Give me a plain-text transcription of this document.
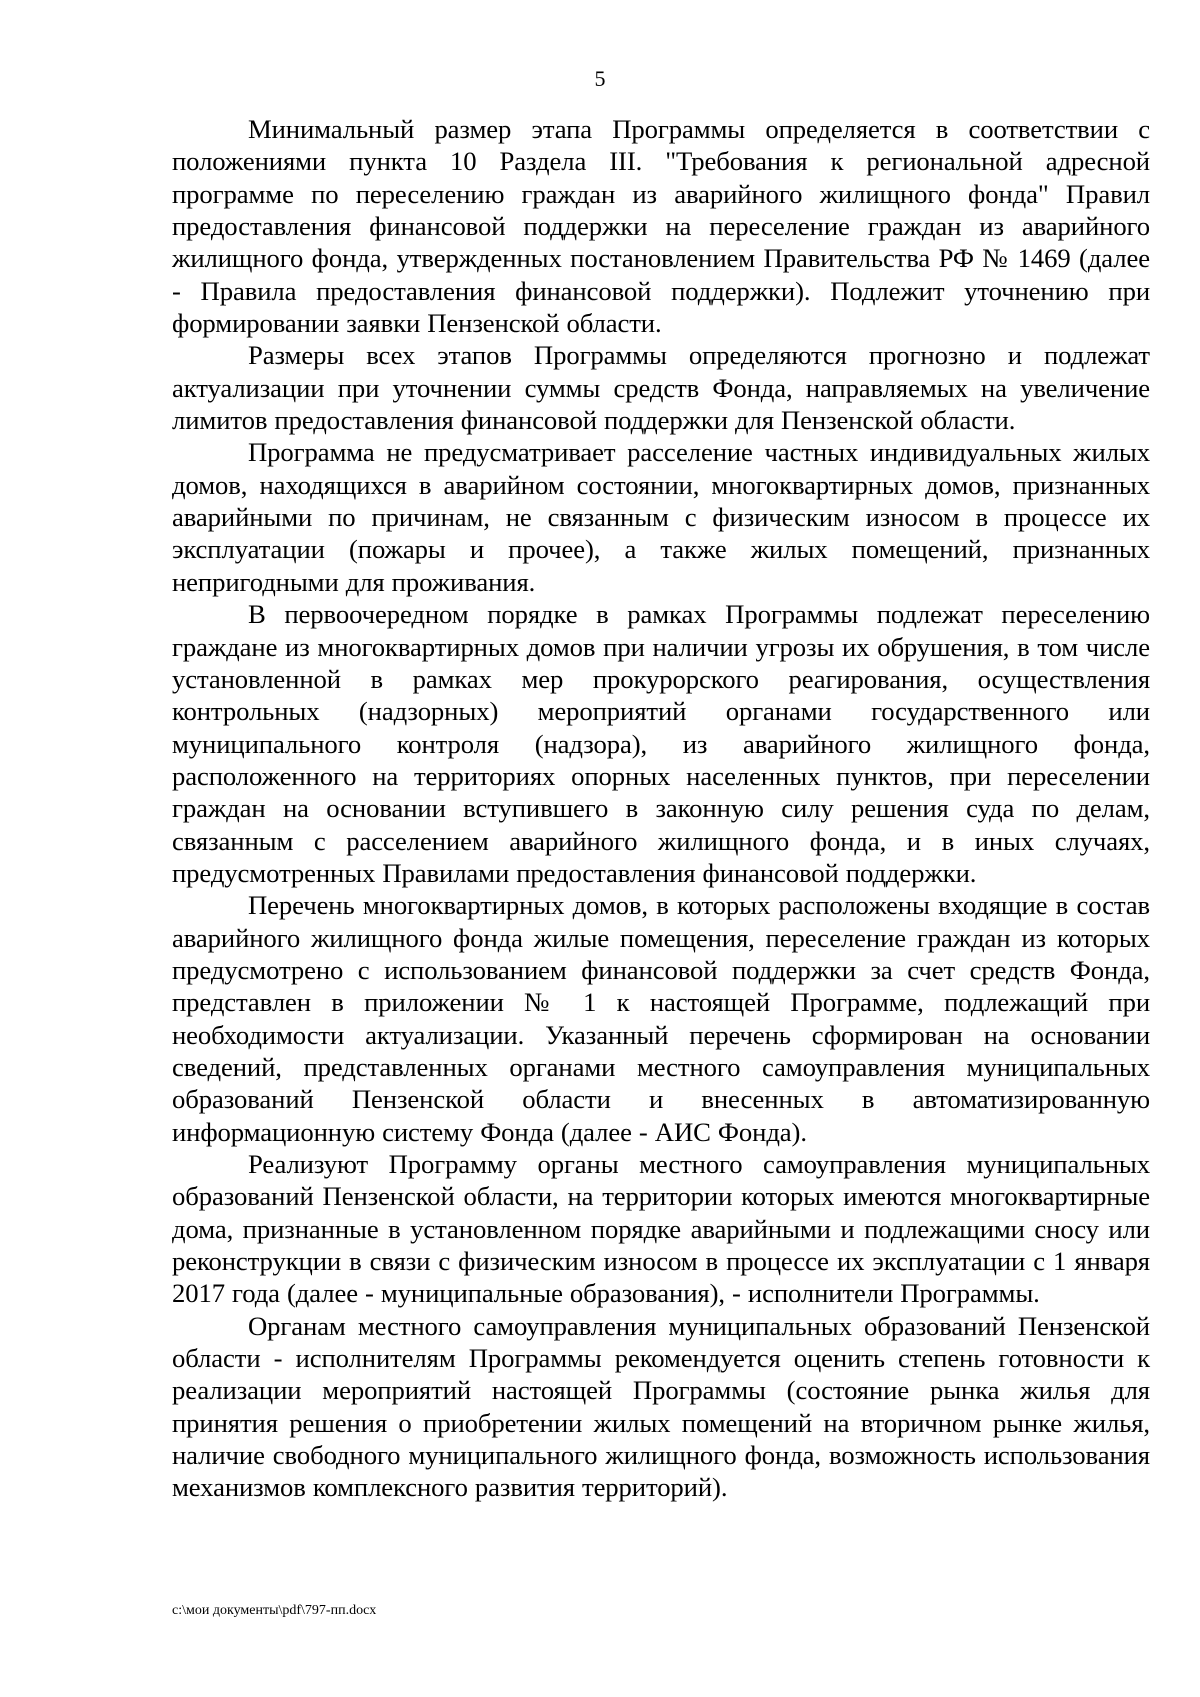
5

Минимальный размер этапа Программы определяется в соответствии с положениями пункта 10 Раздела III. "Требования к региональной адресной программе по переселению граждан из аварийного жилищного фонда" Правил предоставления финансовой поддержки на переселение граждан из аварийного жилищного фонда, утвержденных постановлением Правительства РФ № 1469 (далее - Правила предоставления финансовой поддержки). Подлежит уточнению при формировании заявки Пензенской области.

Размеры всех этапов Программы определяются прогнозно и подлежат актуализации при уточнении суммы средств Фонда, направляемых на увеличение лимитов предоставления финансовой поддержки для Пензенской области.

Программа не предусматривает расселение частных индивидуальных жилых домов, находящихся в аварийном состоянии, многоквартирных домов, признанных аварийными по причинам, не связанным с физическим износом в процессе их эксплуатации (пожары и прочее), а также жилых помещений, признанных непригодными для проживания.

В первоочередном порядке в рамках Программы подлежат переселению граждане из многоквартирных домов при наличии угрозы их обрушения, в том числе установленной в рамках мер прокурорского реагирования, осуществления контрольных (надзорных) мероприятий органами государственного или муниципального контроля (надзора), из аварийного жилищного фонда, расположенного на территориях опорных населенных пунктов, при переселении граждан на основании вступившего в законную силу решения суда по делам, связанным с расселением аварийного жилищного фонда, и в иных случаях, предусмотренных Правилами предоставления финансовой поддержки.

Перечень многоквартирных домов, в которых расположены входящие в состав аварийного жилищного фонда жилые помещения, переселение граждан из которых предусмотрено с использованием финансовой поддержки за счет средств Фонда, представлен в приложении № 1 к настоящей Программе, подлежащий при необходимости актуализации. Указанный перечень сформирован на основании сведений, представленных органами местного самоуправления муниципальных образований Пензенской области и внесенных в автоматизированную информационную систему Фонда (далее - АИС Фонда).

Реализуют Программу органы местного самоуправления муниципальных образований Пензенской области, на территории которых имеются многоквартирные дома, признанные в установленном порядке аварийными и подлежащими сносу или реконструкции в связи с физическим износом в процессе их эксплуатации с 1 января 2017 года (далее - муниципальные образования), - исполнители Программы.

Органам местного самоуправления муниципальных образований Пензенской области - исполнителям Программы рекомендуется оценить степень готовности к реализации мероприятий настоящей Программы (состояние рынка жилья для принятия решения о приобретении жилых помещений на вторичном рынке жилья, наличие свободного муниципального жилищного фонда, возможность использования механизмов комплексного развития территорий).

c:\мои документы\pdf\797-пп.docx
